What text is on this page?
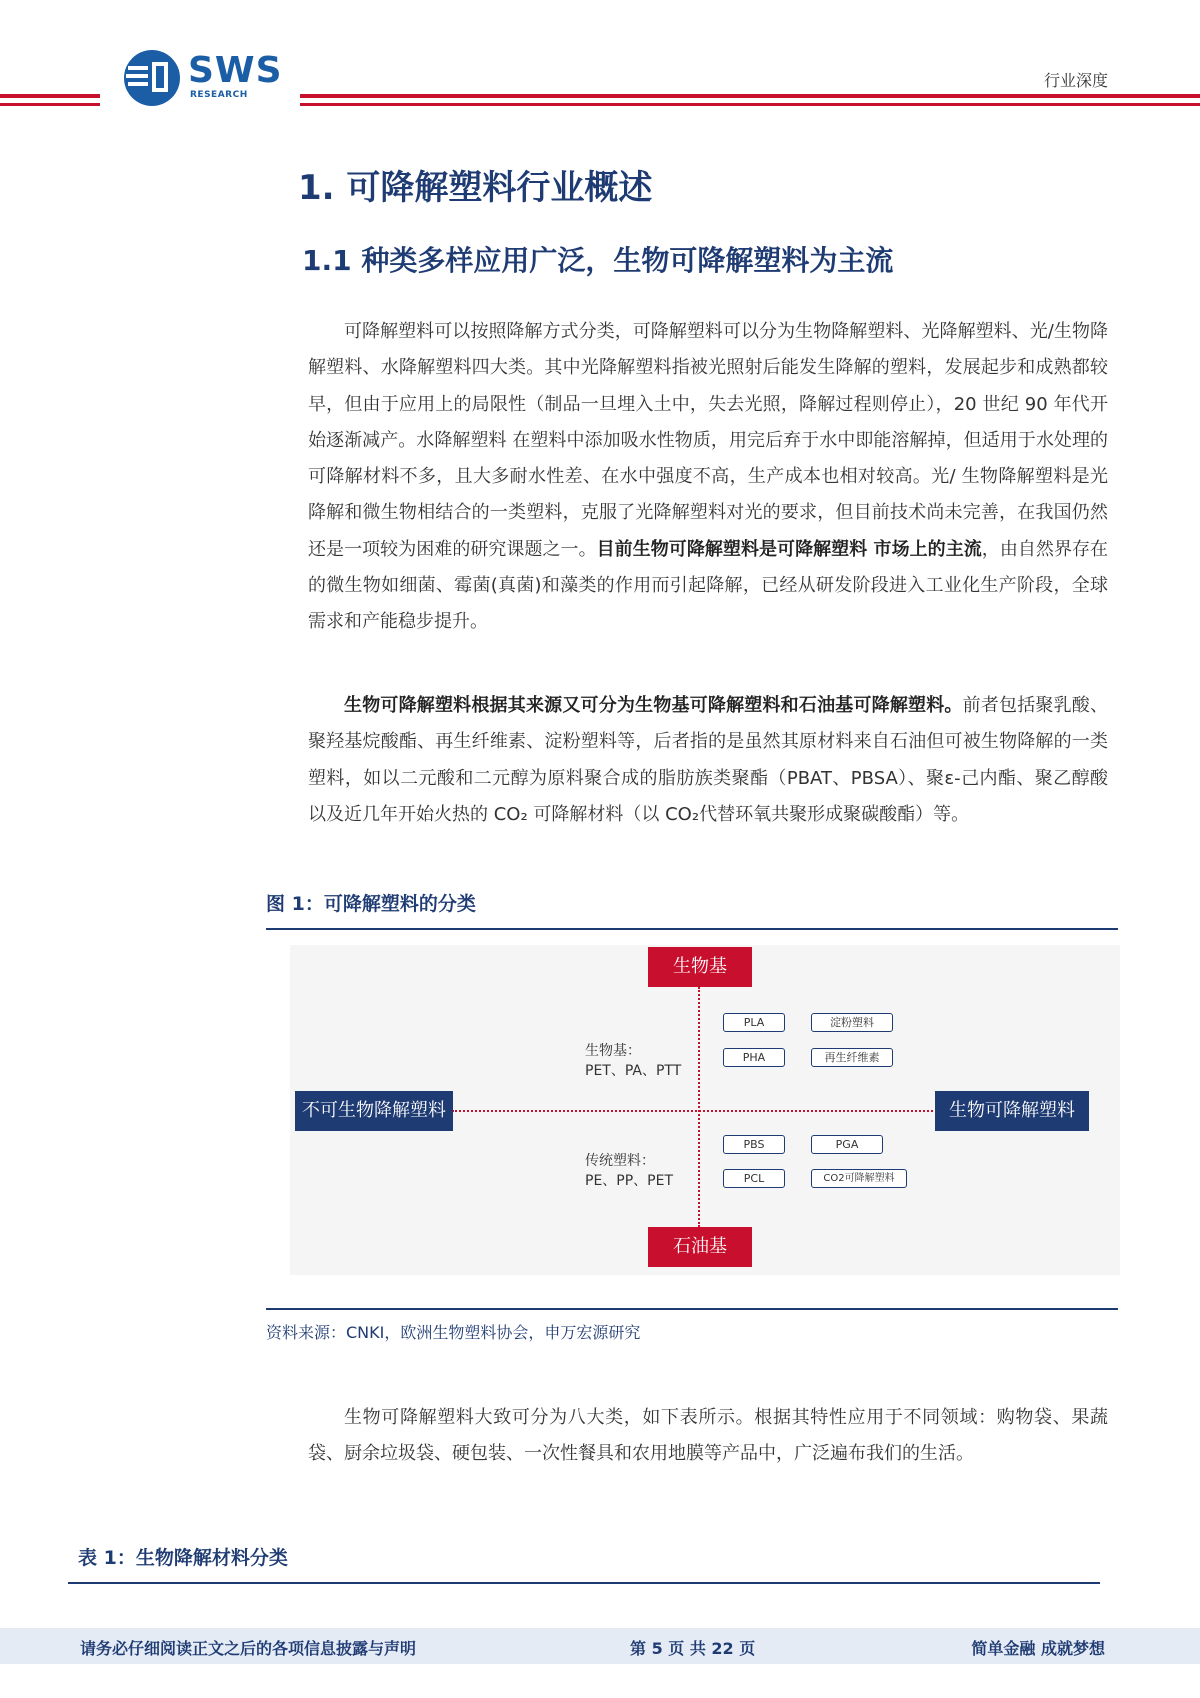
SWS
RESEARCH
行业深度
1. 可降解塑料行业概述
1.1 种类多样应用广泛，生物可降解塑料为主流

可降解塑料可以按照降解方式分类，可降解塑料可以分为生物降解塑料、光降解塑料、光/生物降解塑料、水降解塑料四大类。其中光降解塑料指被光照射后能发生降解的塑料，发展起步和成熟都较早，但由于应用上的局限性（制品一旦埋入土中，失去光照，降解过程则停止），20 世纪 90 年代开始逐渐减产。水降解塑料 在塑料中添加吸水性物质，用完后弃于水中即能溶解掉，但适用于水处理的可降解材料不多，且大多耐水性差、在水中强度不高，生产成本也相对较高。光/ 生物降解塑料是光降解和微生物相结合的一类塑料，克服了光降解塑料对光的要求，但目前技术尚未完善，在我国仍然还是一项较为困难的研究课题之一。目前生物可降解塑料是可降解塑料 市场上的主流，由自然界存在的微生物如细菌、霉菌(真菌)和藻类的作用而引起降解，已经从研发阶段进入工业化生产阶段，全球需求和产能稳步提升。

生物可降解塑料根据其来源又可分为生物基可降解塑料和石油基可降解塑料。前者包括聚乳酸、聚羟基烷酸酯、再生纤维素、淀粉塑料等，后者指的是虽然其原材料来自石油但可被生物降解的一类塑料，如以二元酸和二元醇为原料聚合成的脂肪族类聚酯（PBAT、PBSA）、聚ε-己内酯、聚乙醇酸以及近几年开始火热的 CO₂ 可降解材料（以 CO₂代替环氧共聚形成聚碳酸酯）等。

图 1：可降解塑料的分类
生物基
石油基
不可生物降解塑料	生物可降解塑料
生物基：
PET、PA、PTT
传统塑料：
PE、PP、PET
PLA	淀粉塑料
PHA	再生纤维素
PBS	PGA
PCL	CO2可降解塑料
资料来源：CNKI，欧洲生物塑料协会，申万宏源研究

生物可降解塑料大致可分为八大类，如下表所示。根据其特性应用于不同领域：购物袋、果蔬袋、厨余垃圾袋、硬包装、一次性餐具和农用地膜等产品中，广泛遍布我们的生活。

表 1：生物降解材料分类
请务必仔细阅读正文之后的各项信息披露与声明	第 5 页 共 22 页	简单金融 成就梦想
